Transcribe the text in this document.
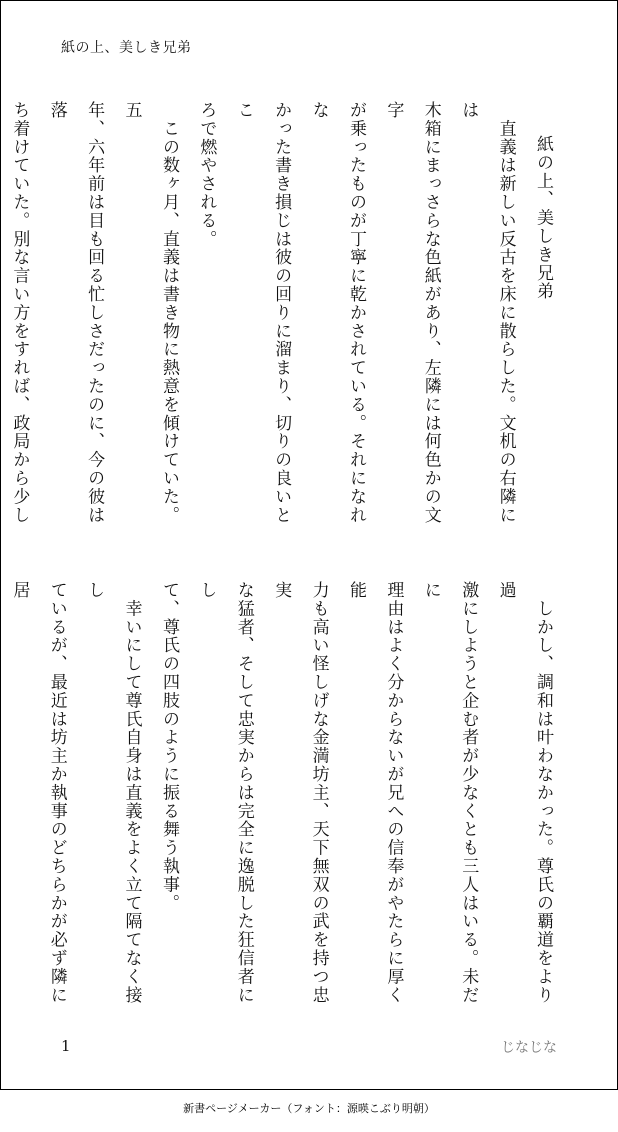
紙の上、美しき兄弟
紙の上、美しき兄弟
　直義は新しい反古を床に散らした。文机の右隣には
木箱にまっさらな色紙があり、左隣には何色かの文字
が乗ったものが丁寧に乾かされている。それになれな
かった書き損じは彼の回りに溜まり、切りの良いとこ
ろで燃やされる。
　この数ヶ月、直義は書き物に熱意を傾けていた。五
年、六年前は目も回る忙しさだったのに、今の彼は落
ち着けていた。別な言い方をすれば、政局から少し
　しかし、調和は叶わなかった。尊氏の覇道をより過
激にしようと企む者が少なくとも三人はいる。未だに
理由はよく分からないが兄への信奉がやたらに厚く能
力も高い怪しげな金満坊主、天下無双の武を持つ忠実
な猛者、そして忠実からは完全に逸脱した狂信者にし
て、尊氏の四肢のように振る舞う執事。
　幸いにして尊氏自身は直義をよく立て隔てなく接し
ているが、最近は坊主か執事のどちらかが必ず隣に居
1	じなじな
新書ページメーカー（フォント：源暎こぶり明朝）
